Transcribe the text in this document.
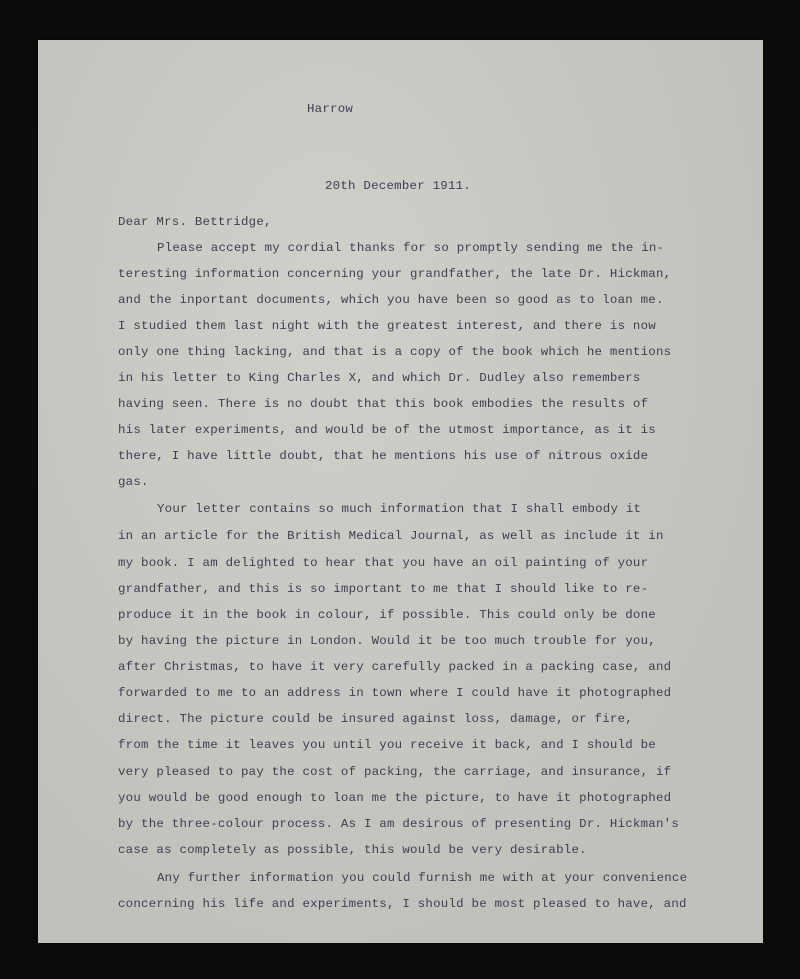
Harrow
20th December 1911.
Dear Mrs. Bettridge,
Please accept my cordial thanks for so promptly sending me the in-
teresting information concerning your grandfather, the late Dr. Hickman,
and the inportant documents, which you have been so good as to loan me.
I studied them last night with the greatest interest, and there is now
only one thing lacking, and that is a copy of the book which he mentions
in his letter to King Charles X, and which Dr. Dudley also remembers
having seen. There is no doubt that this book embodies the results of
his later experiments, and would be of the utmost importance, as it is
there, I have little doubt, that he mentions his use of nitrous oxide
gas.
Your letter contains so much information that I shall embody it
in an article for the British Medical Journal, as well as include it in
my book. I am delighted to hear that you have an oil painting of your
grandfather, and this is so important to me that I should like to re-
produce it in the book in colour, if possible. This could only be done
by having the picture in London. Would it be too much trouble for you,
after Christmas, to have it very carefully packed in a packing case, and
forwarded to me to an address in town where I could have it photographed
direct. The picture could be insured against loss, damage, or fire,
from the time it leaves you until you receive it back, and I should be
very pleased to pay the cost of packing, the carriage, and insurance, if
you would be good enough to loan me the picture, to have it photographed
by the three-colour process. As I am desirous of presenting Dr. Hickman's
case as completely as possible, this would be very desirable.
Any further information you could furnish me with at your convenience
concerning his life and experiments, I should be most pleased to have, and
